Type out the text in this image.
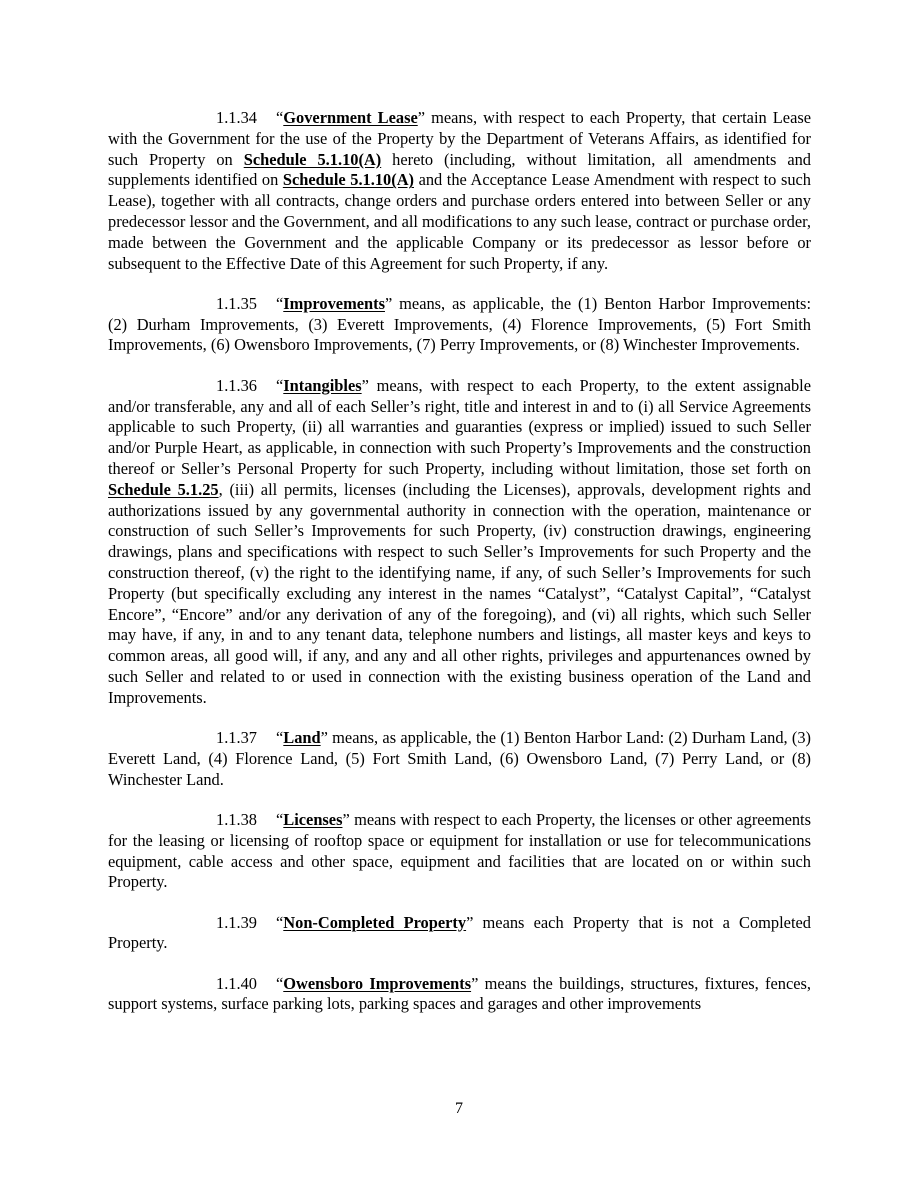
1.1.34 “Government Lease” means, with respect to each Property, that certain Lease with the Government for the use of the Property by the Department of Veterans Affairs, as identified for such Property on Schedule 5.1.10(A) hereto (including, without limitation, all amendments and supplements identified on Schedule 5.1.10(A) and the Acceptance Lease Amendment with respect to such Lease), together with all contracts, change orders and purchase orders entered into between Seller or any predecessor lessor and the Government, and all modifications to any such lease, contract or purchase order, made between the Government and the applicable Company or its predecessor as lessor before or subsequent to the Effective Date of this Agreement for such Property, if any.

1.1.35 “Improvements” means, as applicable, the (1) Benton Harbor Improvements: (2) Durham Improvements, (3) Everett Improvements, (4) Florence Improvements, (5) Fort Smith Improvements, (6) Owensboro Improvements, (7) Perry Improvements, or (8) Winchester Improvements.

1.1.36 “Intangibles” means, with respect to each Property, to the extent assignable and/or transferable, any and all of each Seller’s right, title and interest in and to (i) all Service Agreements applicable to such Property, (ii) all warranties and guaranties (express or implied) issued to such Seller and/or Purple Heart, as applicable, in connection with such Property’s Improvements and the construction thereof or Seller’s Personal Property for such Property, including without limitation, those set forth on Schedule 5.1.25, (iii) all permits, licenses (including the Licenses), approvals, development rights and authorizations issued by any governmental authority in connection with the operation, maintenance or construction of such Seller’s Improvements for such Property, (iv) construction drawings, engineering drawings, plans and specifications with respect to such Seller’s Improvements for such Property and the construction thereof, (v) the right to the identifying name, if any, of such Seller’s Improvements for such Property (but specifically excluding any interest in the names “Catalyst”, “Catalyst Capital”, “Catalyst Encore”, “Encore” and/or any derivation of any of the foregoing), and (vi) all rights, which such Seller may have, if any, in and to any tenant data, telephone numbers and listings, all master keys and keys to common areas, all good will, if any, and any and all other rights, privileges and appurtenances owned by such Seller and related to or used in connection with the existing business operation of the Land and Improvements.

1.1.37 “Land” means, as applicable, the (1) Benton Harbor Land: (2) Durham Land, (3) Everett Land, (4) Florence Land, (5) Fort Smith Land, (6) Owensboro Land, (7) Perry Land, or (8) Winchester Land.

1.1.38 “Licenses” means with respect to each Property, the licenses or other agreements for the leasing or licensing of rooftop space or equipment for installation or use for telecommunications equipment, cable access and other space, equipment and facilities that are located on or within such Property.

1.1.39 “Non-Completed Property” means each Property that is not a Completed Property.

1.1.40 “Owensboro Improvements” means the buildings, structures, fixtures, fences, support systems, surface parking lots, parking spaces and garages and other improvements

7
